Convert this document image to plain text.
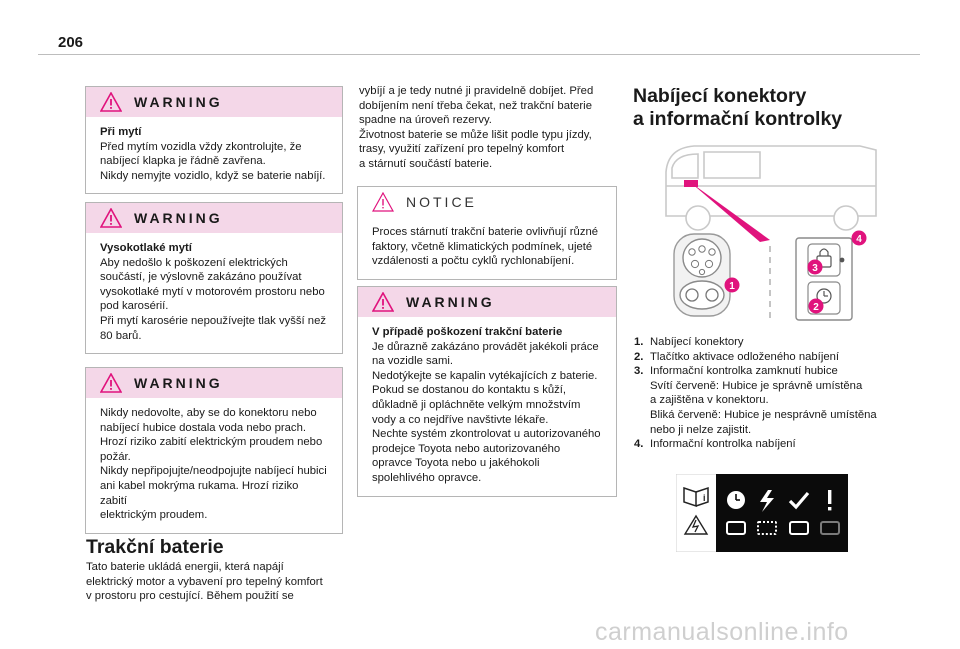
206
WARNING

Při mytí

Před mytím vozidla vždy zkontrolujte, že

nabíjecí klapka je řádně zavřena.

Nikdy nemyjte vozidlo, když se baterie nabíjí.

WARNING

Vysokotlaké mytí

Aby nedošlo k poškození elektrických

součástí, je výslovně zakázáno používat

vysokotlaké mytí v motorovém prostoru nebo

pod karosérií.

Při mytí karosérie nepoužívejte tlak vyšší než

80 barů.

WARNING

Nikdy nedovolte, aby se do konektoru nebo

nabíjecí hubice dostala voda nebo prach.

Hrozí riziko zabití elektrickým proudem nebo

požár.

Nikdy nepřipojujte/neodpojujte nabíjecí hubici

ani kabel mokrýma rukama. Hrozí riziko zabití

elektrickým proudem.

Trakční baterie
Tato baterie ukládá energii, která napájí
elektrický motor a vybavení pro tepelný komfort
v prostoru pro cestující. Během použití se
vybíjí a je tedy nutné ji pravidelně dobíjet. Před
dobíjením není třeba čekat, než trakční baterie
spadne na úroveň rezervy.
Životnost baterie se může lišit podle typu jízdy,
trasy, využití zařízení pro tepelný komfort
a stárnutí součástí baterie.
NOTICE

Proces stárnutí trakční baterie ovlivňují různé

faktory, včetně klimatických podmínek, ujeté

vzdálenosti a počtu cyklů rychlonabíjení.

WARNING

V případě poškození trakční baterie

Je důrazně zakázáno provádět jakékoli práce

na vozidle sami.

Nedotýkejte se kapalin vytékajících z baterie.

Pokud se dostanou do kontaktu s kůží,

důkladně ji opláchněte velkým množstvím

vody a co nejdříve navštivte lékaře.

Nechte systém zkontrolovat u autorizovaného

prodejce Toyota nebo autorizovaného

opravce Toyota nebo u jakéhokoli

spolehlivého opravce.

Nabíjecí konektory
a informační kontrolky
1
2
3
4
1. Nabíjecí konektory
2. Tlačítko aktivace odloženého nabíjení
3. Informační kontrolka zamknutí hubice
Svítí červeně: Hubice je správně umístěna
a zajištěna v konektoru.
Bliká červeně: Hubice je nesprávně umístěna
nebo ji nelze zajistit.
4. Informační kontrolka nabíjení
i
carmanualsonline.info
